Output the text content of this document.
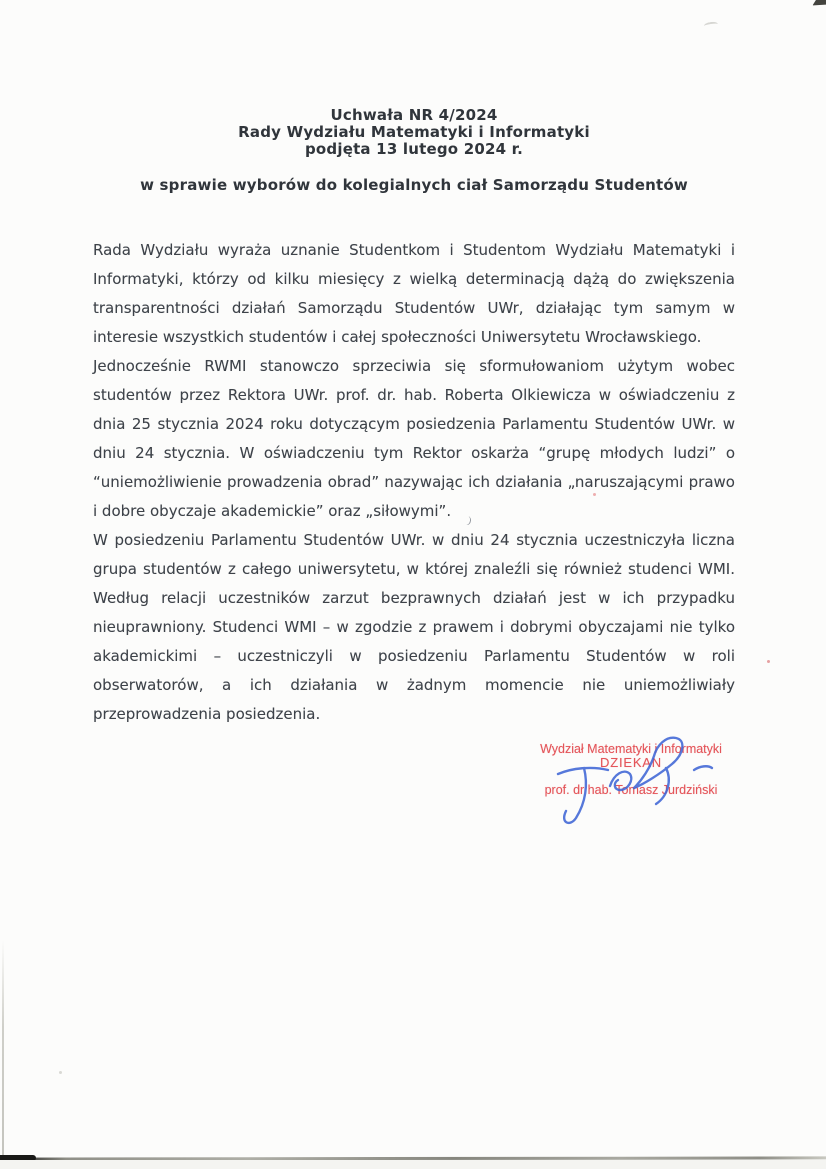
Uchwała NR 4/2024
Rady Wydziału Matematyki i Informatyki
podjęta 13 lutego 2024 r.
w sprawie wyborów do kolegialnych ciał Samorządu Studentów

Rada Wydziału wyraża uznanie Studentkom i Studentom Wydziału Matematyki i Informatyki, którzy od kilku miesięcy z wielką determinacją dążą do zwiększenia transparentności działań Samorządu Studentów UWr, działając tym samym w interesie wszystkich studentów i całej społeczności Uniwersytetu Wrocławskiego.

Jednocześnie RWMI stanowczo sprzeciwia się sformułowaniom użytym wobec studentów przez Rektora UWr. prof. dr. hab. Roberta Olkiewicza w oświadczeniu z dnia 25 stycznia 2024 roku dotyczącym posiedzenia Parlamentu Studentów UWr. w dniu 24 stycznia. W oświadczeniu tym Rektor oskarża “grupę młodych ludzi” o “uniemożliwienie prowadzenia obrad” nazywając ich działania „naruszającymi prawo i dobre obyczaje akademickie” oraz „siłowymi”.

W posiedzeniu Parlamentu Studentów UWr. w dniu 24 stycznia uczestniczyła liczna grupa studentów z całego uniwersytetu, w której znaleźli się również studenci WMI. Według relacji uczestników zarzut bezprawnych działań jest w ich przypadku nieuprawniony. Studenci WMI – w zgodzie z prawem i dobrymi obyczajami nie tylko akademickimi – uczestniczyli w posiedzeniu Parlamentu Studentów w roli obserwatorów, a ich działania w żadnym momencie nie uniemożliwiały przeprowadzenia posiedzenia.

Wydział Matematyki i Informatyki
DZIEKAN
prof. dr hab. Tomasz Jurdziński
